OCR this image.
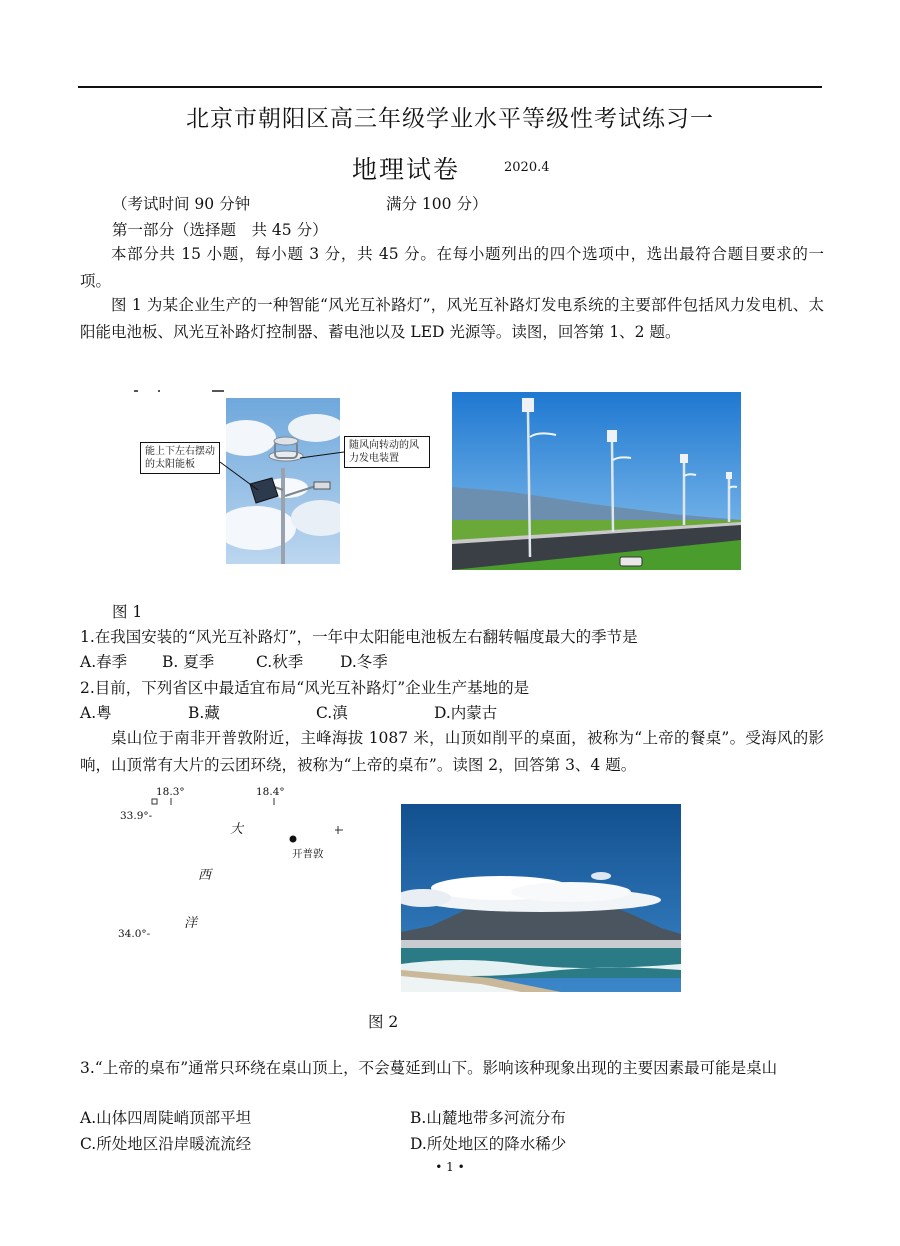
北京市朝阳区高三年级学业水平等级性考试练习一
地理试卷	2020.4
（考试时间 90 分钟	满分 100 分）
第一部分（选择题　共 45 分）
本部分共 15 小题，每小题 3 分，共 45 分。在每小题列出的四个选项中，选出最符合题目要求的一项。
图 1 为某企业生产的一种智能“风光互补路灯”，风光互补路灯发电系统的主要部件包括风力发电机、太阳能电池板、风光互补路灯控制器、蓄电池以及 LED 光源等。读图，回答第 1、2 题。
能上下左右摆动的太阳能板
随风向转动的风力发电装置
图 1
1.在我国安装的“风光互补路灯”，一年中太阳能电池板左右翻转幅度最大的季节是
A.春季 B. 夏季	C.秋季 D.冬季
2.目前，下列省区中最适宜布局“风光互补路灯”企业生产基地的是
A.粤	B.藏	C.滇	D.内蒙古
桌山位于南非开普敦附近，主峰海拔 1087 米，山顶如削平的桌面，被称为“上帝的餐桌”。受海风的影响，山顶常有大片的云团环绕，被称为“上帝的桌布”。读图 2，回答第 3、4 题。
18.3°	18.4°
33.9°-
34.0°-
大
西
洋
开普敦
图 2
3.“上帝的桌布”通常只环绕在桌山顶上，不会蔓延到山下。影响该种现象出现的主要因素最可能是桌山
A.山体四周陡峭顶部平坦	B.山麓地带多河流分布
C.所处地区沿岸暖流流经	D.所处地区的降水稀少
• 1 •
